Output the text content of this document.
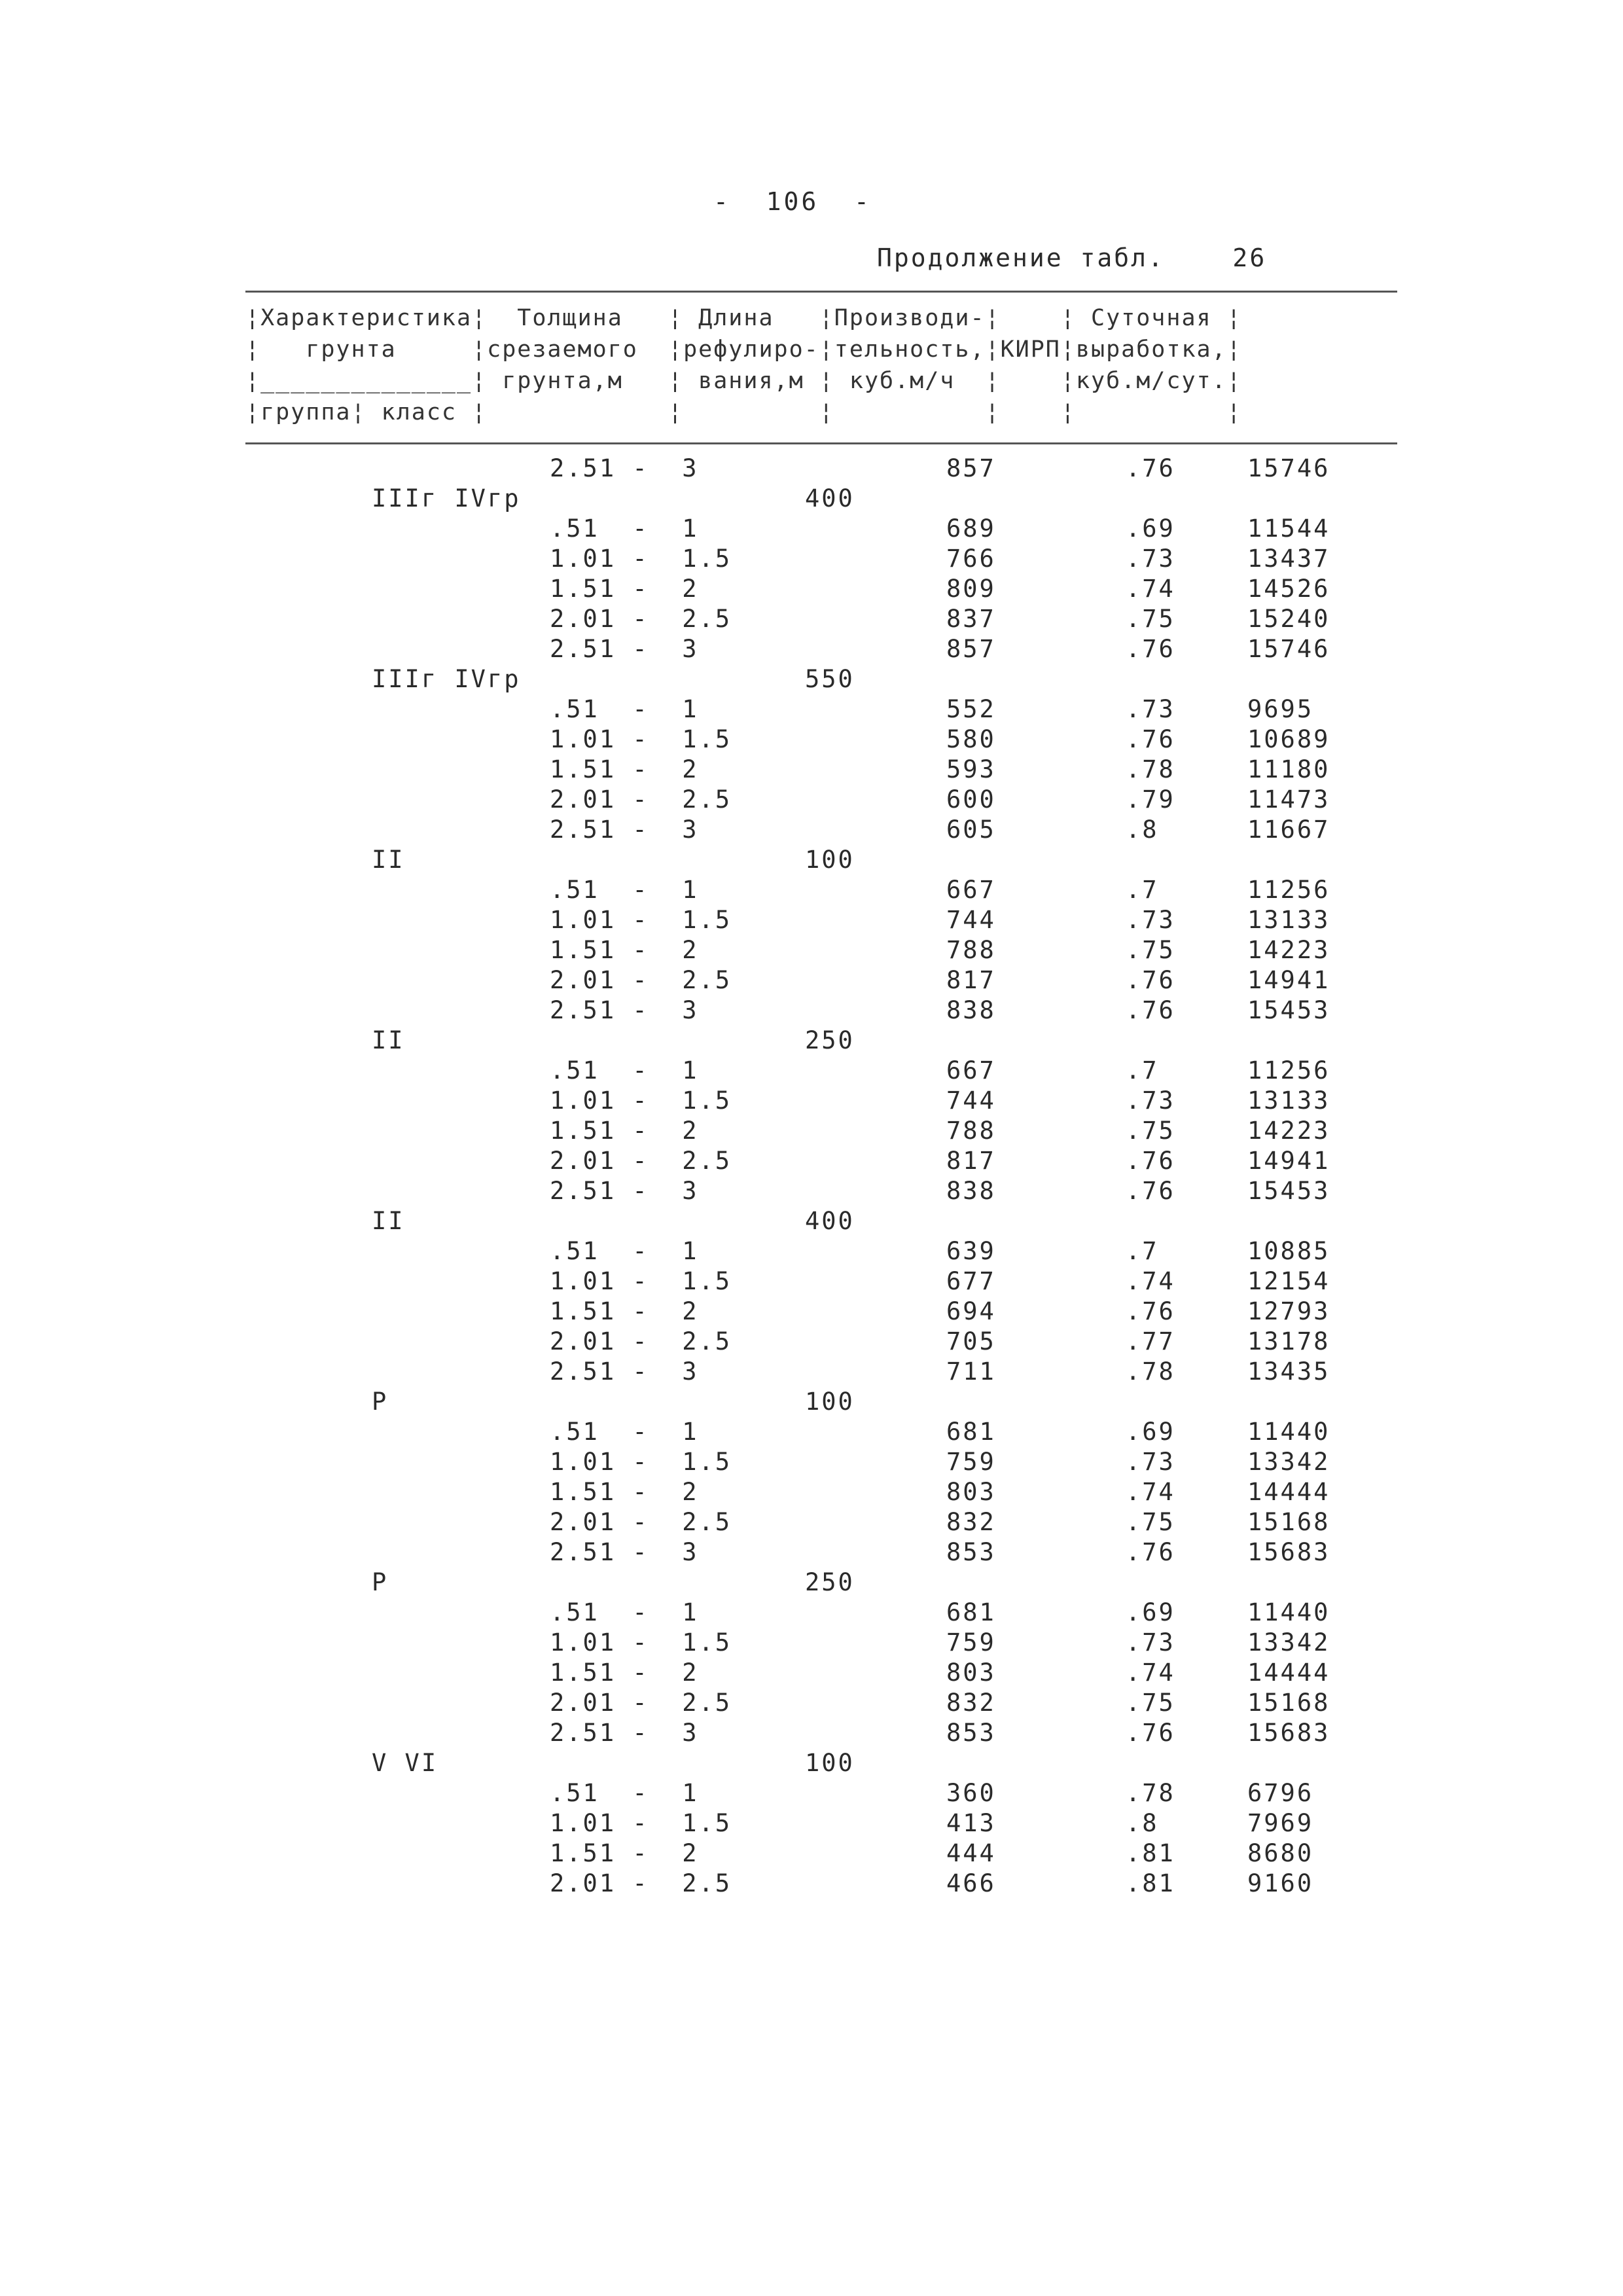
-  106  -
Продолжение табл.    26
¦Характеристика¦  Толщина   ¦ Длина   ¦Производи-¦    ¦ Суточная ¦
¦   грунта     ¦срезаемого  ¦рефулиро-¦тельность,¦КИРП¦выработка,¦
¦______________¦ грунта,м   ¦ вания,м ¦ куб.м/ч  ¦    ¦куб.м/сут.¦
¦группа¦ класс ¦            ¦         ¦          ¦    ¦          ¦
2.51 -  3	857	.76	15746
IIIг IVгр	400
.51  -  1	689	.69	11544
1.01 -  1.5	766	.73	13437
1.51 -  2	809	.74	14526
2.01 -  2.5	837	.75	15240
2.51 -  3	857	.76	15746
IIIг IVгр	550
.51  -  1	552	.73	9695
1.01 -  1.5	580	.76	10689
1.51 -  2	593	.78	11180
2.01 -  2.5	600	.79	11473
2.51 -  3	605	.8	11667
II	100
.51  -  1	667	.7	11256
1.01 -  1.5	744	.73	13133
1.51 -  2	788	.75	14223
2.01 -  2.5	817	.76	14941
2.51 -  3	838	.76	15453
II	250
.51  -  1	667	.7	11256
1.01 -  1.5	744	.73	13133
1.51 -  2	788	.75	14223
2.01 -  2.5	817	.76	14941
2.51 -  3	838	.76	15453
II	400
.51  -  1	639	.7	10885
1.01 -  1.5	677	.74	12154
1.51 -  2	694	.76	12793
2.01 -  2.5	705	.77	13178
2.51 -  3	711	.78	13435
P	100
.51  -  1	681	.69	11440
1.01 -  1.5	759	.73	13342
1.51 -  2	803	.74	14444
2.01 -  2.5	832	.75	15168
2.51 -  3	853	.76	15683
P	250
.51  -  1	681	.69	11440
1.01 -  1.5	759	.73	13342
1.51 -  2	803	.74	14444
2.01 -  2.5	832	.75	15168
2.51 -  3	853	.76	15683
V VI	100
.51  -  1	360	.78	6796
1.01 -  1.5	413	.8	7969
1.51 -  2	444	.81	8680
2.01 -  2.5	466	.81	9160
